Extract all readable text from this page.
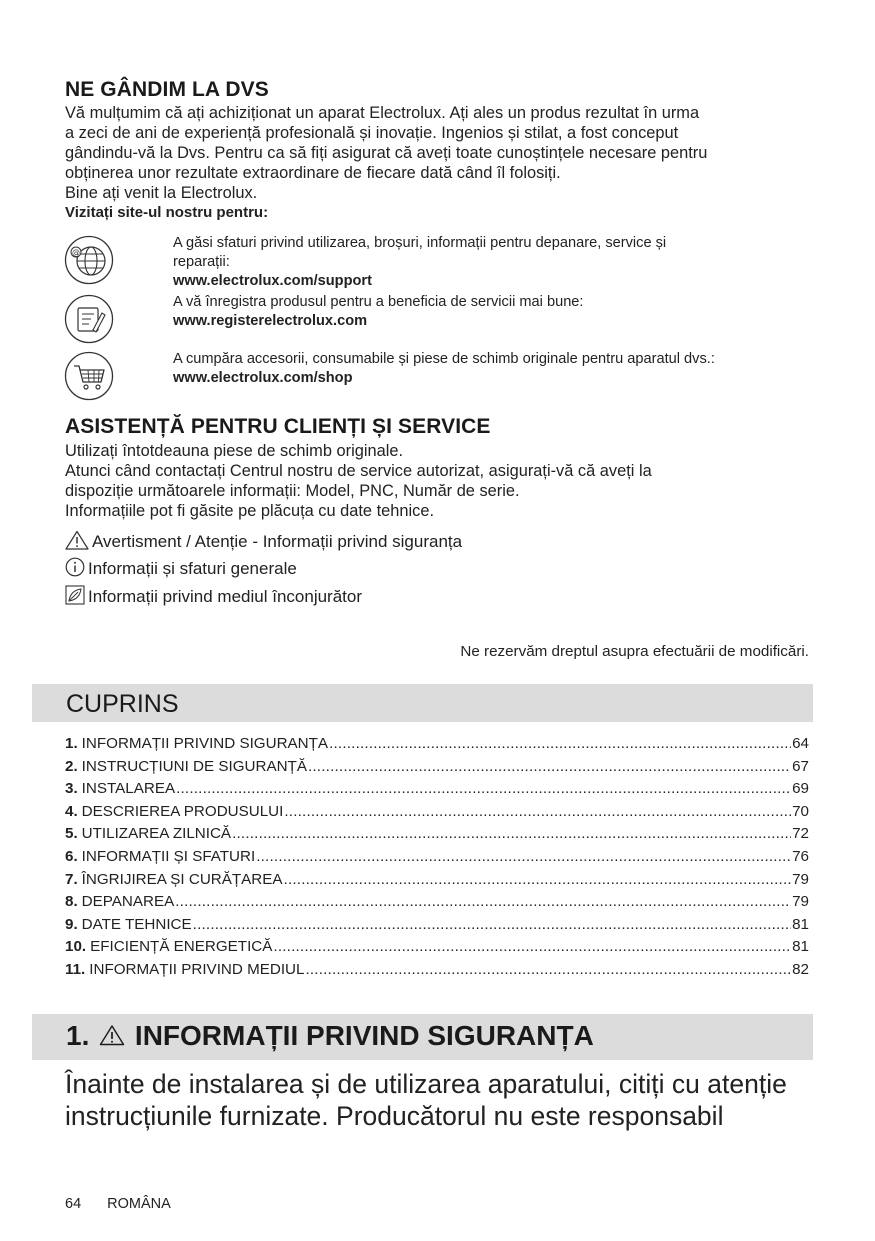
NE GÂNDIM LA DVS
Vă mulțumim că ați achiziționat un aparat Electrolux. Ați ales un produs rezultat în urma
a zeci de ani de experiență profesională și inovație. Ingenios și stilat, a fost conceput
gândindu-vă la Dvs. Pentru ca să fiți asigurat că aveți toate cunoștințele necesare pentru
obținerea unor rezultate extraordinare de fiecare dată când îl folosiți.
Bine ați venit la Electrolux.
Vizitați site-ul nostru pentru:
@
A găsi sfaturi privind utilizarea, broșuri, informații pentru depanare, service și
reparații:
www.electrolux.com/support
A vă înregistra produsul pentru a beneficia de servicii mai bune:
www.registerelectrolux.com
A cumpăra accesorii, consumabile și piese de schimb originale pentru aparatul dvs.:
www.electrolux.com/shop
ASISTENȚĂ PENTRU CLIENȚI ȘI SERVICE
Utilizați întotdeauna piese de schimb originale.
Atunci când contactați Centrul nostru de service autorizat, asigurați-vă că aveți la
dispoziție următoarele informații: Model, PNC, Număr de serie.
Informațiile pot fi găsite pe plăcuța cu date tehnice.
Avertisment / Atenție - Informații privind siguranța
Informații și sfaturi generale
Informații privind mediul înconjurător
Ne rezervăm dreptul asupra efectuării de modificări.
CUPRINS
1. INFORMAȚII PRIVIND SIGURANȚA .....	64
2. INSTRUCȚIUNI DE SIGURANȚĂ .....	67
3. INSTALAREA .....	69
4. DESCRIEREA PRODUSULUI .....	70
5. UTILIZAREA ZILNICĂ .....	72
6. INFORMAȚII ȘI SFATURI .....	76
7. ÎNGRIJIREA ȘI CURĂȚAREA .....	79
8. DEPANAREA .....	79
9. DATE TEHNICE .....	81
10. EFICIENȚĂ ENERGETICĂ .....	81
11. INFORMAȚII PRIVIND MEDIUL .....	82
1. INFORMAȚII PRIVIND SIGURANȚA
Înainte de instalarea și de utilizarea aparatului, citiți cu atenție
instrucțiunile furnizate. Producătorul nu este responsabil
64 ROMÂNA
